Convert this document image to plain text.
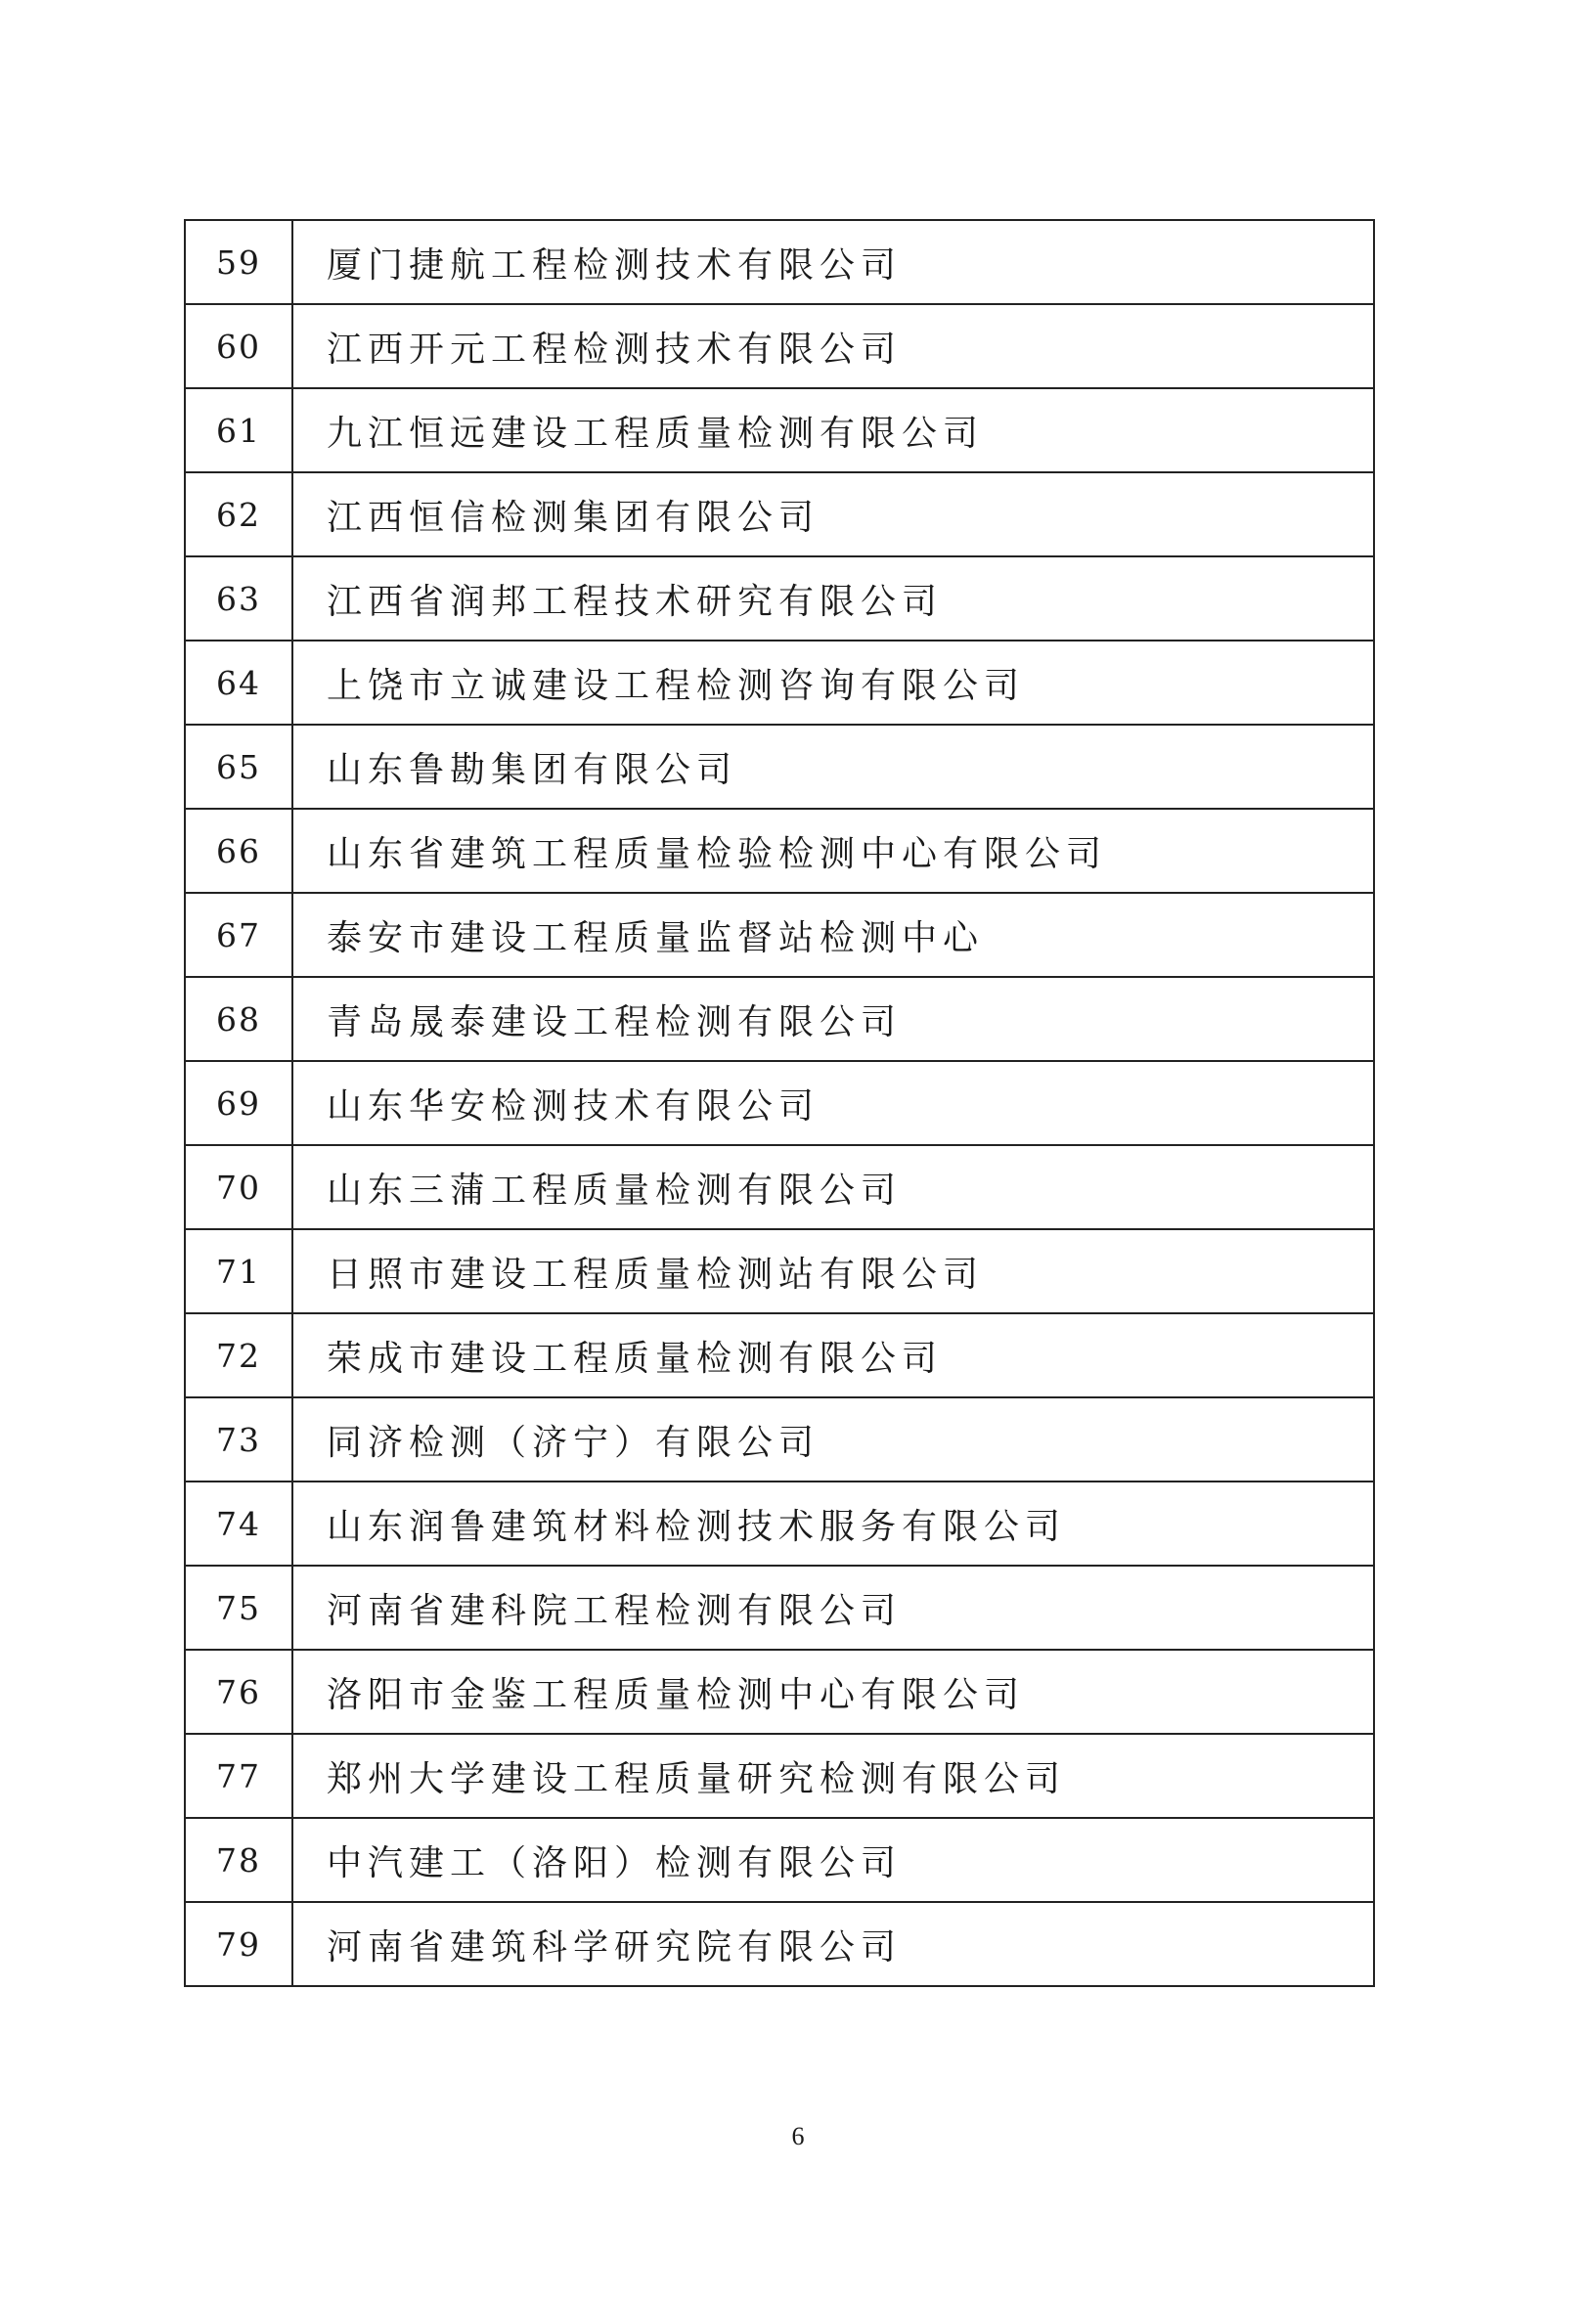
59	厦门捷航工程检测技术有限公司
60	江西开元工程检测技术有限公司
61	九江恒远建设工程质量检测有限公司
62	江西恒信检测集团有限公司
63	江西省润邦工程技术研究有限公司
64	上饶市立诚建设工程检测咨询有限公司
65	山东鲁勘集团有限公司
66	山东省建筑工程质量检验检测中心有限公司
67	泰安市建设工程质量监督站检测中心
68	青岛晟泰建设工程检测有限公司
69	山东华安检测技术有限公司
70	山东三蒲工程质量检测有限公司
71	日照市建设工程质量检测站有限公司
72	荣成市建设工程质量检测有限公司
73	同济检测（济宁）有限公司
74	山东润鲁建筑材料检测技术服务有限公司
75	河南省建科院工程检测有限公司
76	洛阳市金鉴工程质量检测中心有限公司
77	郑州大学建设工程质量研究检测有限公司
78	中汽建工（洛阳）检测有限公司
79	河南省建筑科学研究院有限公司
6
